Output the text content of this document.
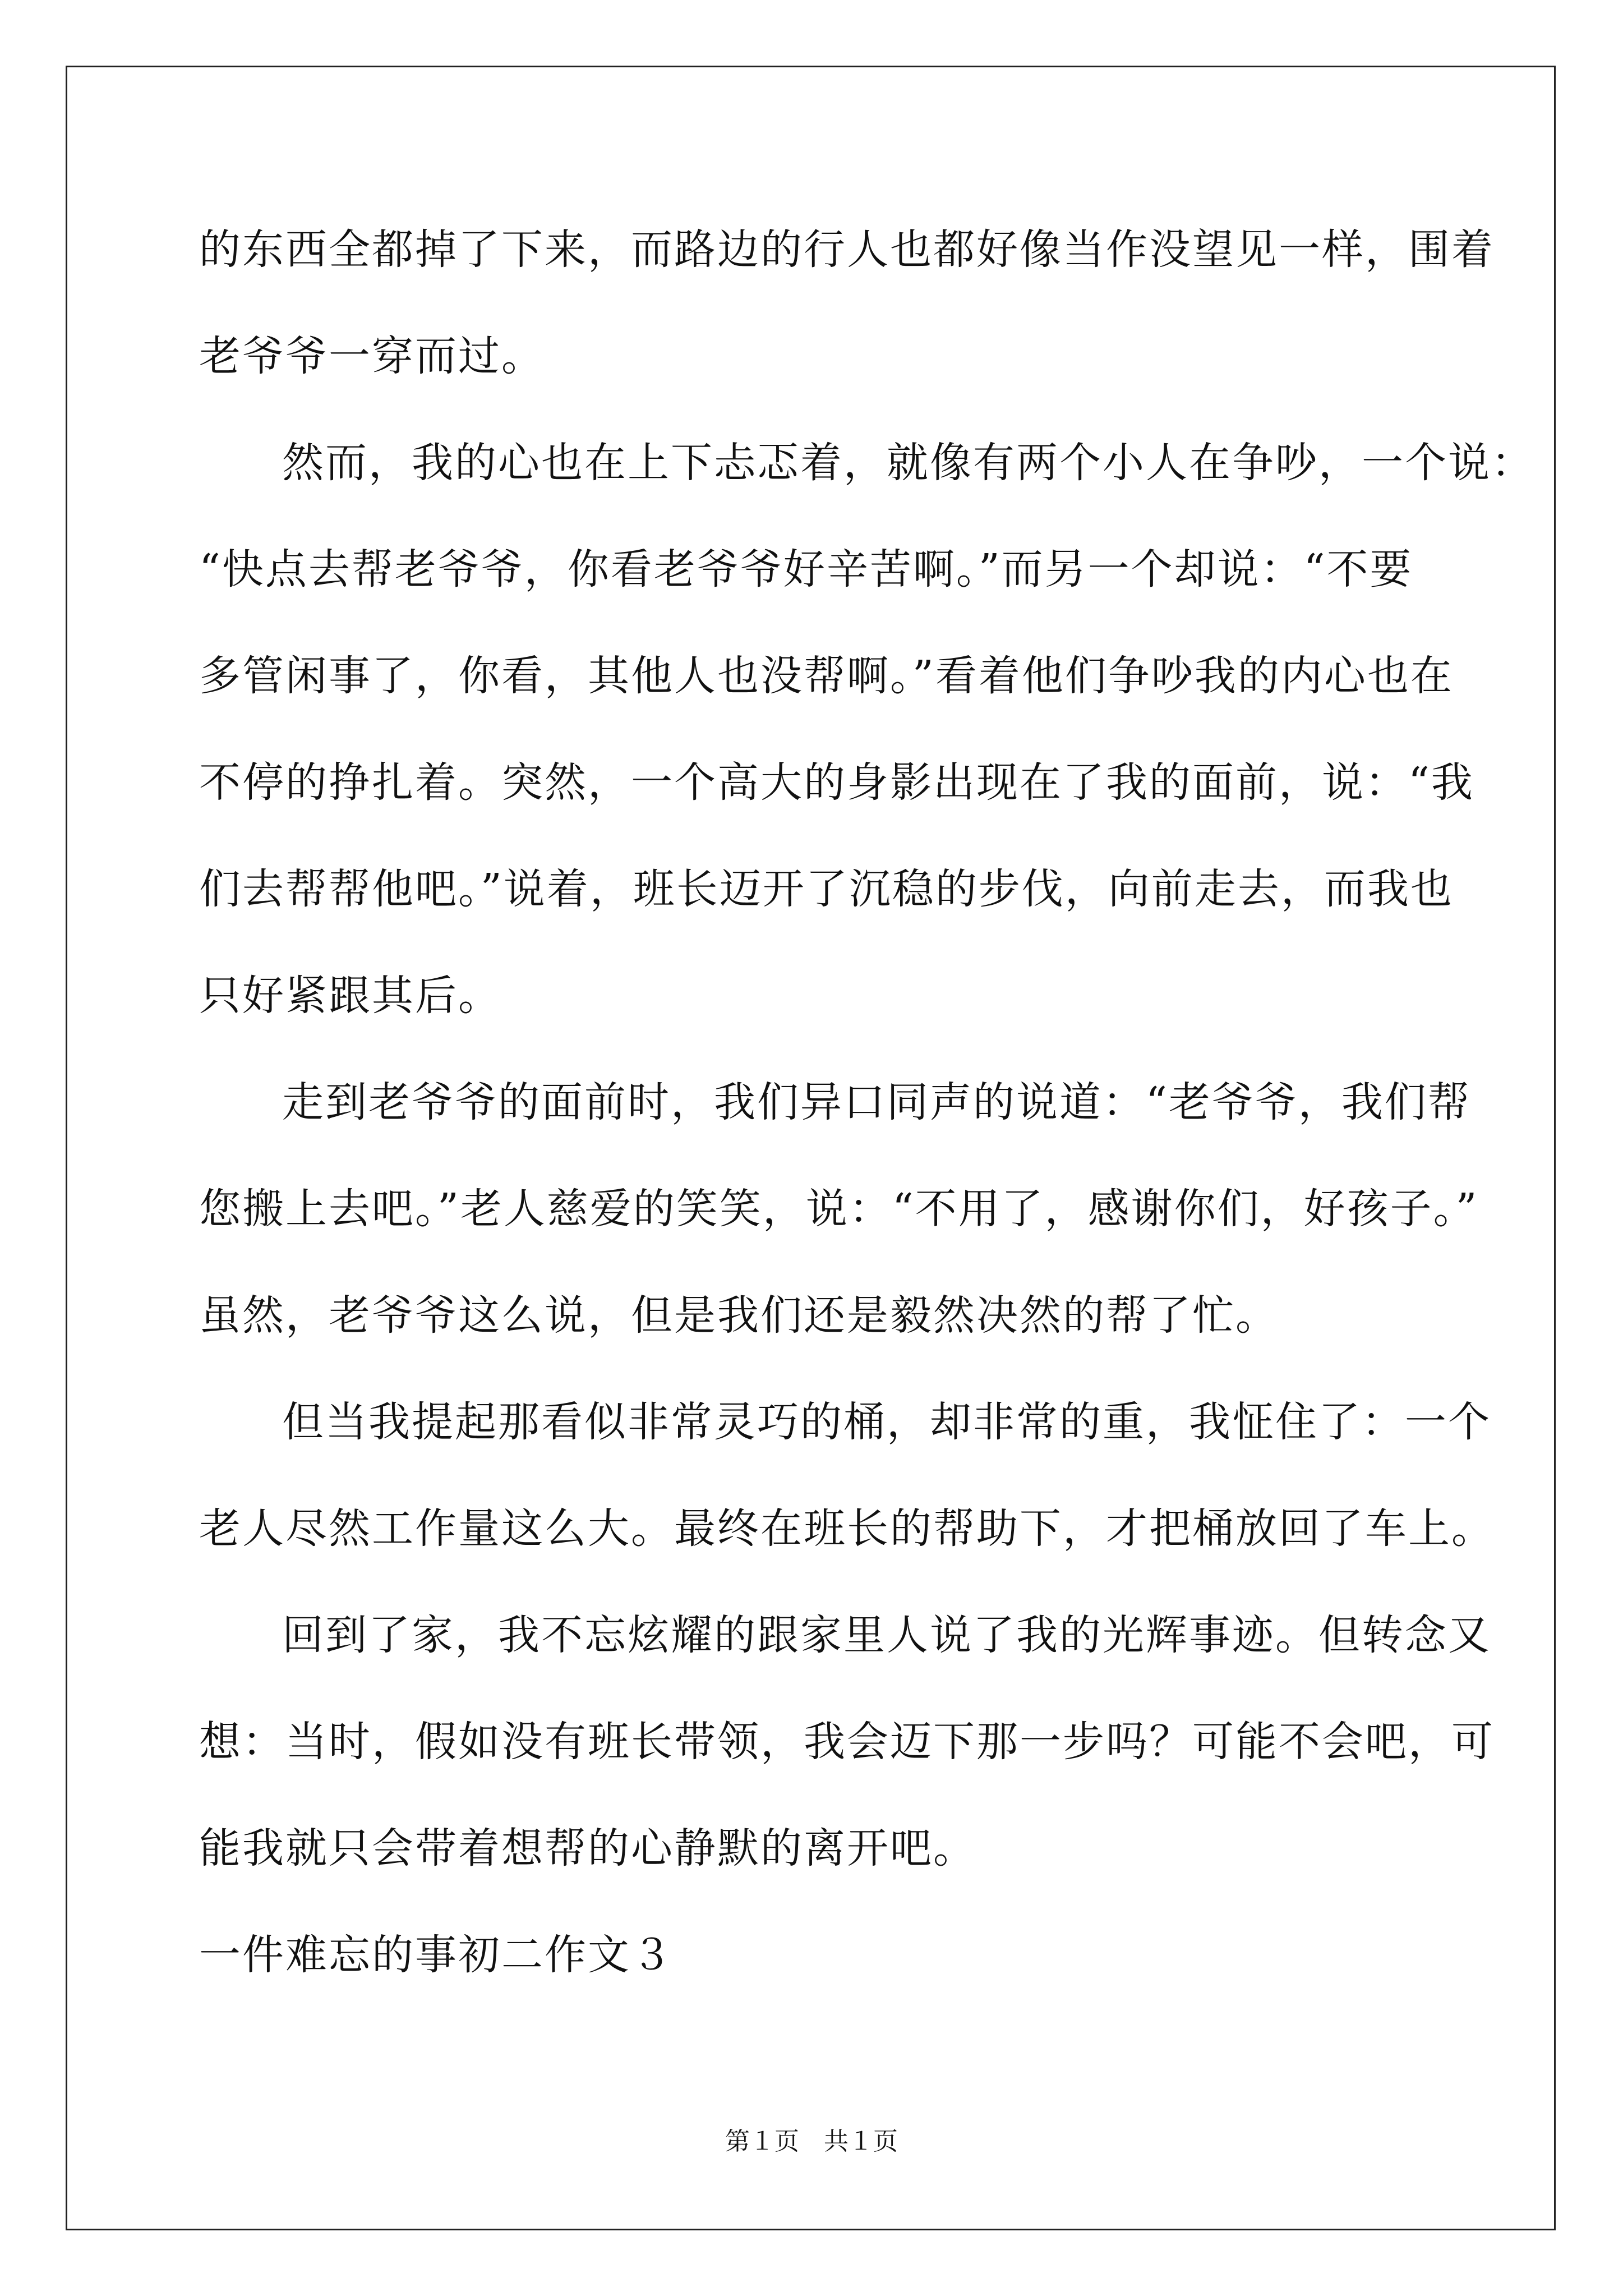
的东西全都掉了下来，而路边的行人也都好像当作没望见一样，围着
老爷爷一穿而过。
然而，我的心也在上下忐忑着，就像有两个小人在争吵，一个说：
“快点去帮老爷爷，你看老爷爷好辛苦啊。”而另一个却说：“不要
多管闲事了，你看，其他人也没帮啊。”看着他们争吵我的内心也在
不停的挣扎着。突然，一个高大的身影出现在了我的面前，说：“我
们去帮帮他吧。”说着，班长迈开了沉稳的步伐，向前走去，而我也
只好紧跟其后。
走到老爷爷的面前时，我们异口同声的说道：“老爷爷，我们帮
您搬上去吧。”老人慈爱的笑笑，说：“不用了，感谢你们，好孩子。”
虽然，老爷爷这么说，但是我们还是毅然决然的帮了忙。
但当我提起那看似非常灵巧的桶，却非常的重，我怔住了：一个
老人尽然工作量这么大。最终在班长的帮助下，才把桶放回了车上。
回到了家，我不忘炫耀的跟家里人说了我的光辉事迹。但转念又
想：当时，假如没有班长带领，我会迈下那一步吗？可能不会吧，可
能我就只会带着想帮的心静默的离开吧。
一件难忘的事初二作文３
第１页　共１页
